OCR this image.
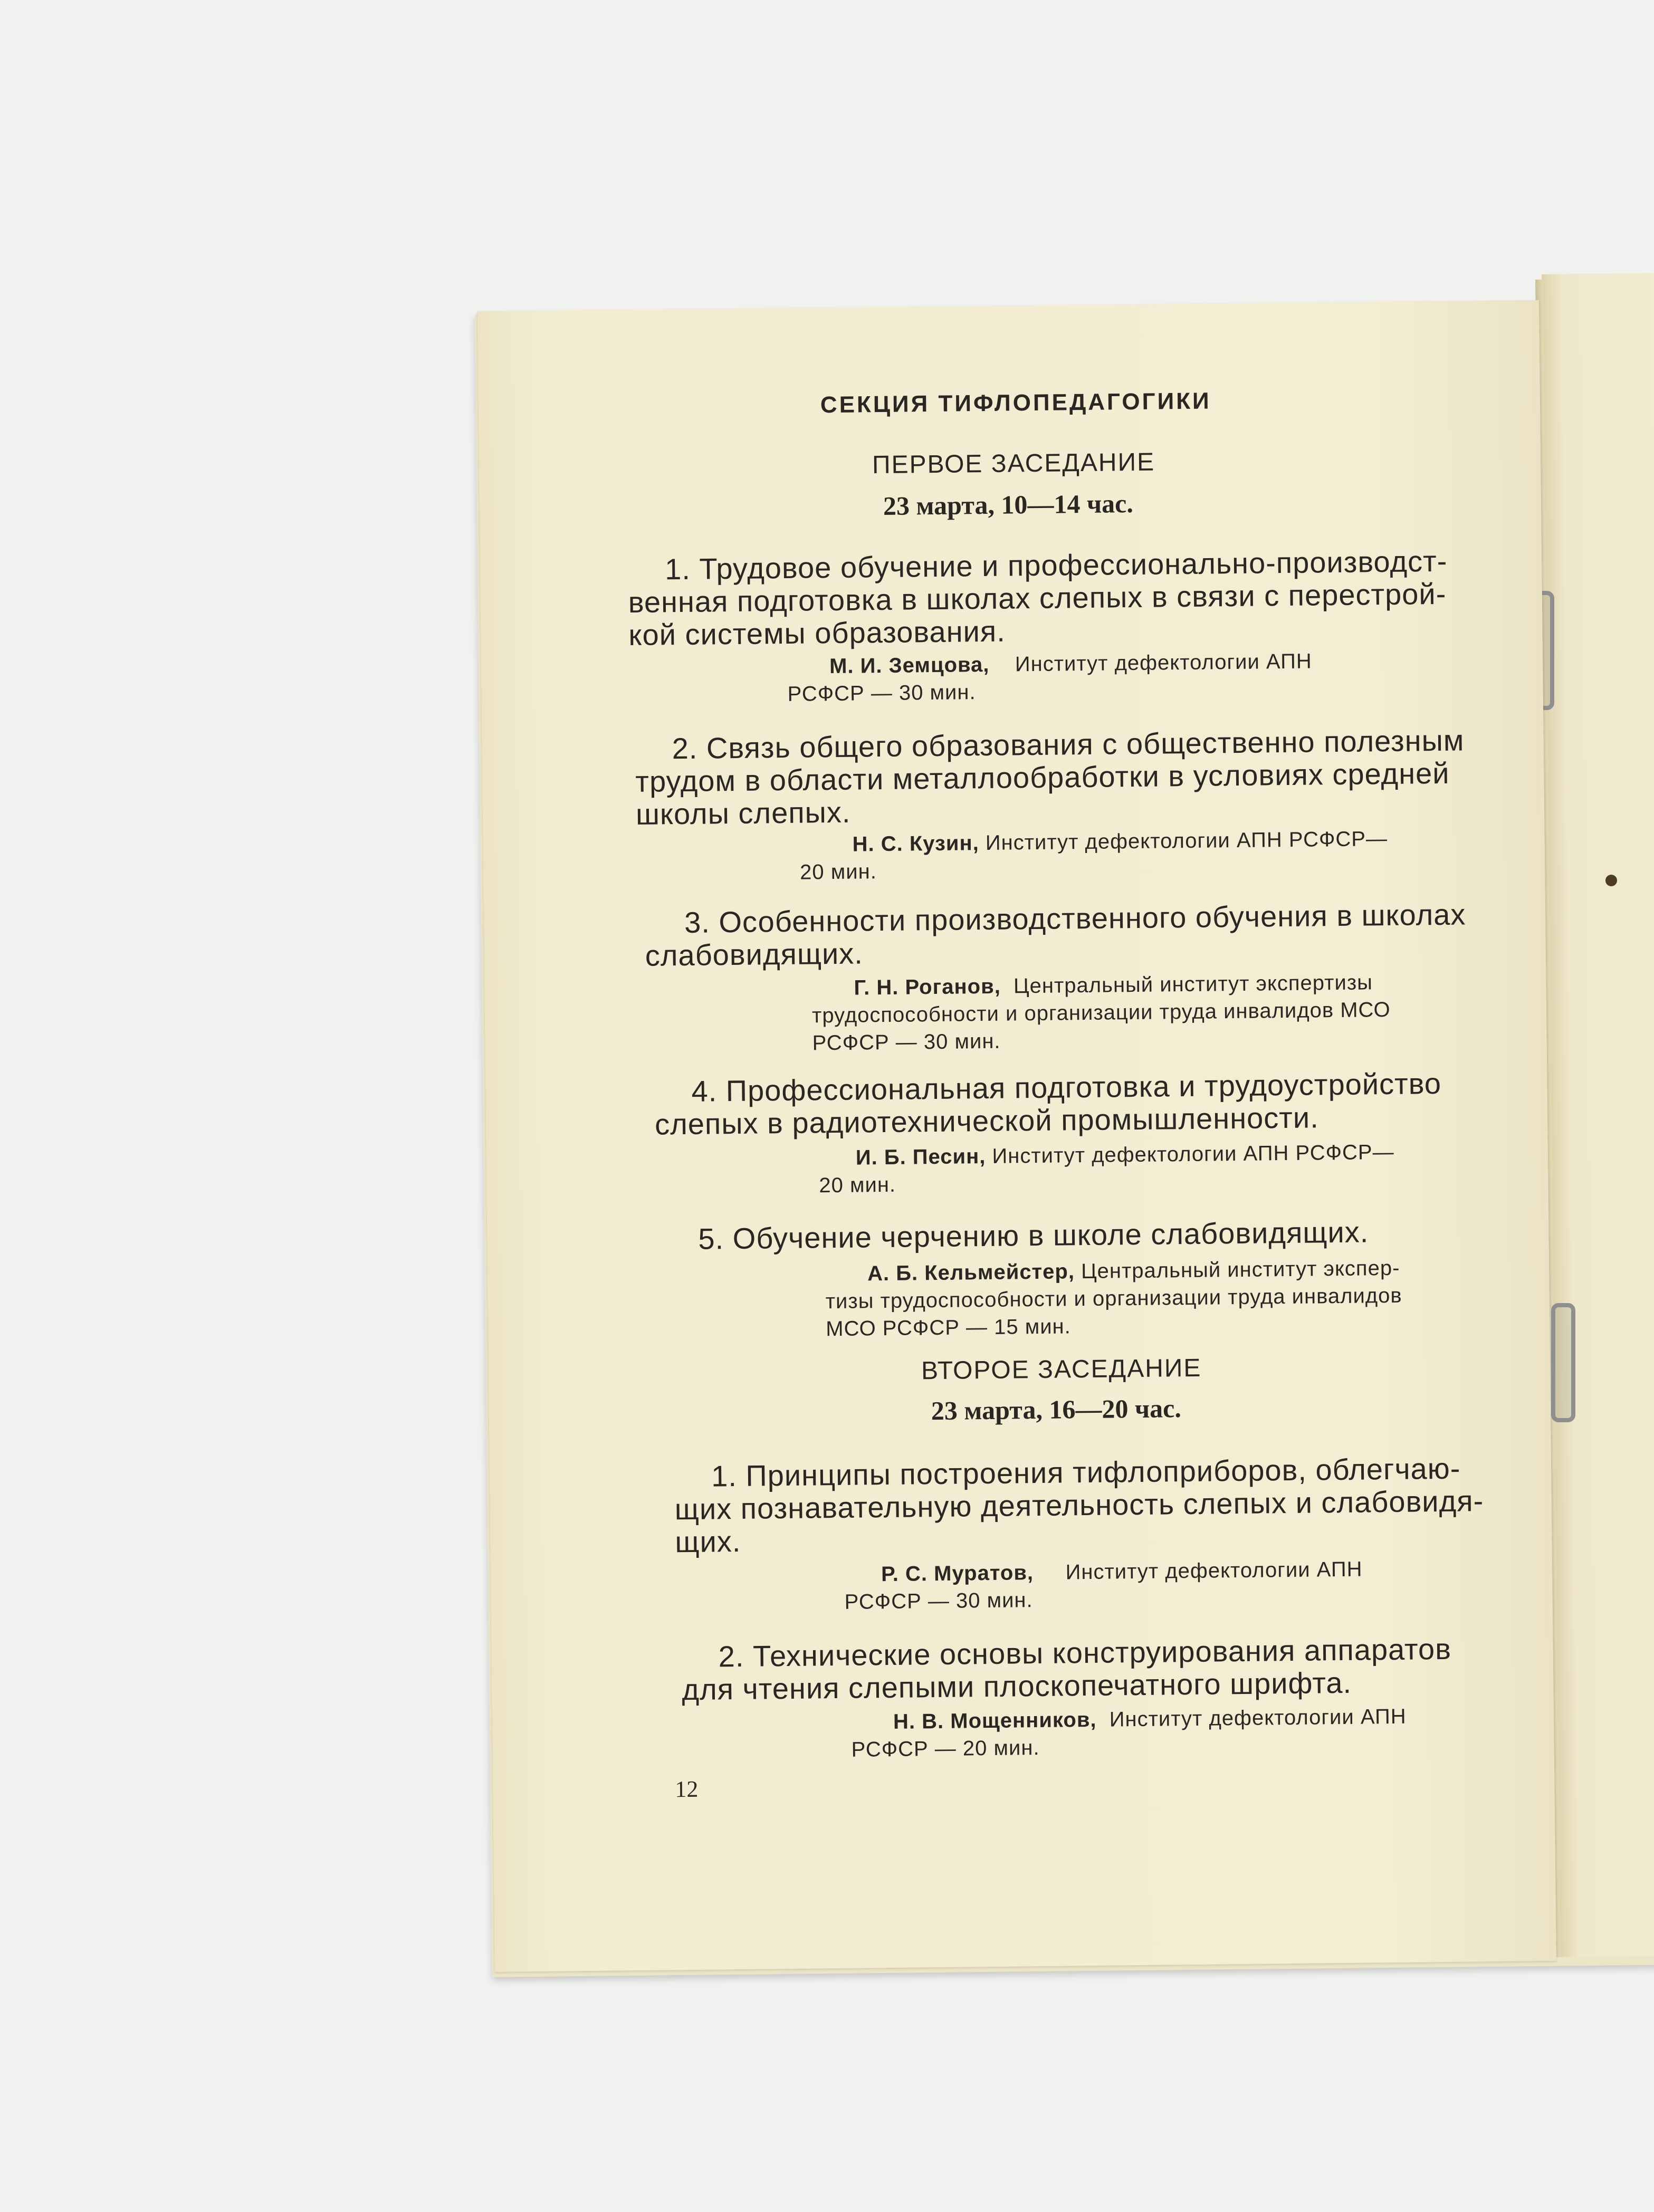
СЕКЦИЯ ТИФЛОПЕДАГОГИКИ
ПЕРВОЕ ЗАСЕДАНИЕ
23 марта, 10—14 час.
1. Трудовое обучение и профессионально-производст-
венная подготовка в школах слепых в связи с перестрой-
кой системы образования.
М. И. Земцова, Институт дефектологии АПН
РСФСР — 30 мин.
2. Связь общего образования с общественно полезным
трудом в области металлообработки в условиях средней
школы слепых.
Н. С. Кузин, Институт дефектологии АПН РСФСР—
20 мин.
3. Особенности производственного обучения в школах
слабовидящих.
Г. Н. Роганов, Центральный институт экспертизы
трудоспособности и организации труда инвалидов МСО
РСФСР — 30 мин.
4. Профессиональная подготовка и трудоустройство
слепых в радиотехнической промышленности.
И. Б. Песин, Институт дефектологии АПН РСФСР—
20 мин.
5. Обучение черчению в школе слабовидящих.
А. Б. Кельмейстер, Центральный институт экспер-
тизы трудоспособности и организации труда инвалидов
МСО РСФСР — 15 мин.
ВТОРОЕ ЗАСЕДАНИЕ
23 марта, 16—20 час.
1. Принципы построения тифлоприборов, облегчаю-
щих познавательную деятельность слепых и слабовидя-
щих.
Р. С. Муратов, Институт дефектологии АПН
РСФСР — 30 мин.
2. Технические основы конструирования аппаратов
для чтения слепыми плоскопечатного шрифта.
Н. В. Мощенников, Институт дефектологии АПН
РСФСР — 20 мин.
12
